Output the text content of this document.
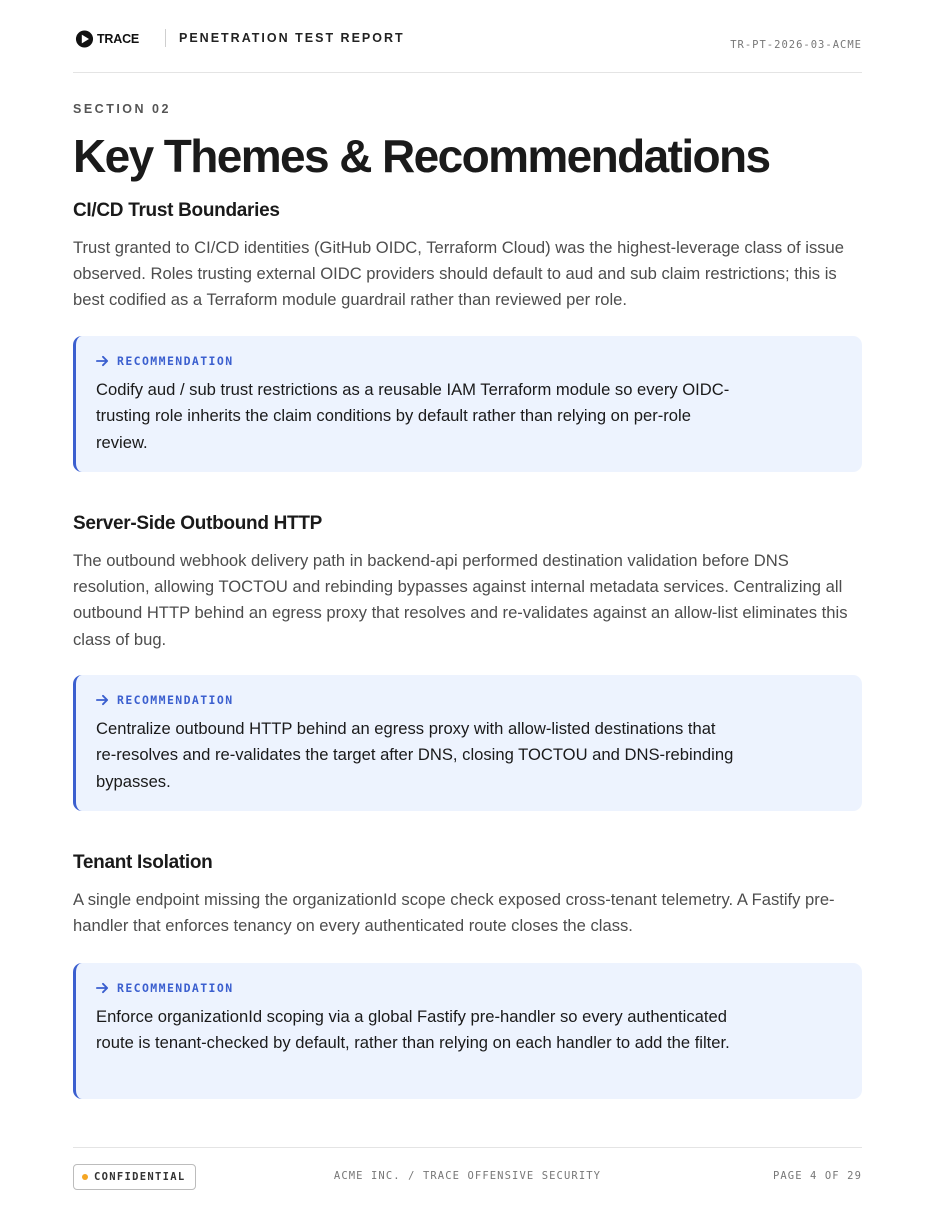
TRACE	PENETRATION TEST REPORT	TR-PT-2026-03-ACME
SECTION 02
Key Themes & Recommendations
CI/CD Trust Boundaries

Trust granted to CI/CD identities (GitHub OIDC, Terraform Cloud) was the highest-leverage class of issue observed. Roles trusting external OIDC providers should default to aud and sub claim restrictions; this is best codified as a Terraform module guardrail rather than reviewed per role.

RECOMMENDATION

Codify aud / sub trust restrictions as a reusable IAM Terraform module so every OIDC-trusting role inherits the claim conditions by default rather than relying on per-role review.

Server-Side Outbound HTTP

The outbound webhook delivery path in backend-api performed destination validation before DNS resolution, allowing TOCTOU and rebinding bypasses against internal metadata services. Centralizing all outbound HTTP behind an egress proxy that resolves and re-validates against an allow-list eliminates this class of bug.

RECOMMENDATION

Centralize outbound HTTP behind an egress proxy with allow-listed destinations that re-resolves and re-validates the target after DNS, closing TOCTOU and DNS-rebinding bypasses.

Tenant Isolation

A single endpoint missing the organizationId scope check exposed cross-tenant telemetry. A Fastify pre-handler that enforces tenancy on every authenticated route closes the class.

RECOMMENDATION

Enforce organizationId scoping via a global Fastify pre-handler so every authenticated route is tenant-checked by default, rather than relying on each handler to add the filter.

CONFIDENTIAL	ACME INC. / TRACE OFFENSIVE SECURITY	PAGE 4 OF 29
